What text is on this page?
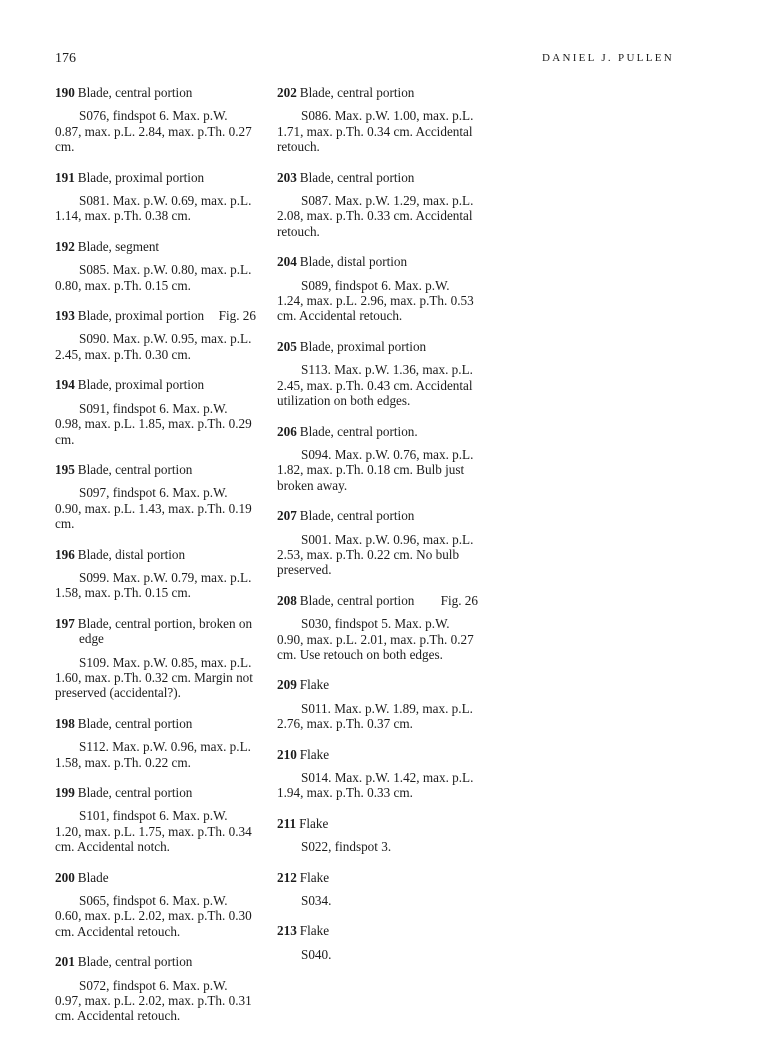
176	DANIEL J. PULLEN
190 Blade, central portion

S076, findspot 6. Max. p.W. 0.87, max. p.L. 2.84, max. p.Th. 0.27 cm.

191 Blade, proximal portion

S081. Max. p.W. 0.69, max. p.L. 1.14, max. p.Th. 0.38 cm.

192 Blade, segment

S085. Max. p.W. 0.80, max. p.L. 0.80, max. p.Th. 0.15 cm.

193 Blade, proximal portion Fig. 26

S090. Max. p.W. 0.95, max. p.L. 2.45, max. p.Th. 0.30 cm.

194 Blade, proximal portion

S091, findspot 6. Max. p.W. 0.98, max. p.L. 1.85, max. p.Th. 0.29 cm.

195 Blade, central portion

S097, findspot 6. Max. p.W. 0.90, max. p.L. 1.43, max. p.Th. 0.19 cm.

196 Blade, distal portion

S099. Max. p.W. 0.79, max. p.L. 1.58, max. p.Th. 0.15 cm.

197 Blade, central portion, broken on
edge

S109. Max. p.W. 0.85, max. p.L. 1.60, max. p.Th. 0.32 cm. Margin not preserved (accidental?).

198 Blade, central portion

S112. Max. p.W. 0.96, max. p.L. 1.58, max. p.Th. 0.22 cm.

199 Blade, central portion

S101, findspot 6. Max. p.W. 1.20, max. p.L. 1.75, max. p.Th. 0.34 cm. Accidental notch.

200 Blade

S065, findspot 6. Max. p.W. 0.60, max. p.L. 2.02, max. p.Th. 0.30 cm. Accidental retouch.

201 Blade, central portion

S072, findspot 6. Max. p.W. 0.97, max. p.L. 2.02, max. p.Th. 0.31 cm. Accidental retouch.

202 Blade, central portion

S086. Max. p.W. 1.00, max. p.L. 1.71, max. p.Th. 0.34 cm. Accidental retouch.

203 Blade, central portion

S087. Max. p.W. 1.29, max. p.L. 2.08, max. p.Th. 0.33 cm. Accidental retouch.

204 Blade, distal portion

S089, findspot 6. Max. p.W. 1.24, max. p.L. 2.96, max. p.Th. 0.53 cm. Accidental retouch.

205 Blade, proximal portion

S113. Max. p.W. 1.36, max. p.L. 2.45, max. p.Th. 0.43 cm. Accidental utilization on both edges.

206 Blade, central portion.

S094. Max. p.W. 0.76, max. p.L. 1.82, max. p.Th. 0.18 cm. Bulb just broken away.

207 Blade, central portion

S001. Max. p.W. 0.96, max. p.L. 2.53, max. p.Th. 0.22 cm. No bulb preserved.

208 Blade, central portion Fig. 26

S030, findspot 5. Max. p.W. 0.90, max. p.L. 2.01, max. p.Th. 0.27 cm. Use retouch on both edges.

209 Flake

S011. Max. p.W. 1.89, max. p.L. 2.76, max. p.Th. 0.37 cm.

210 Flake

S014. Max. p.W. 1.42, max. p.L. 1.94, max. p.Th. 0.33 cm.

211 Flake

S022, findspot 3.

212 Flake

S034.

213 Flake

S040.
